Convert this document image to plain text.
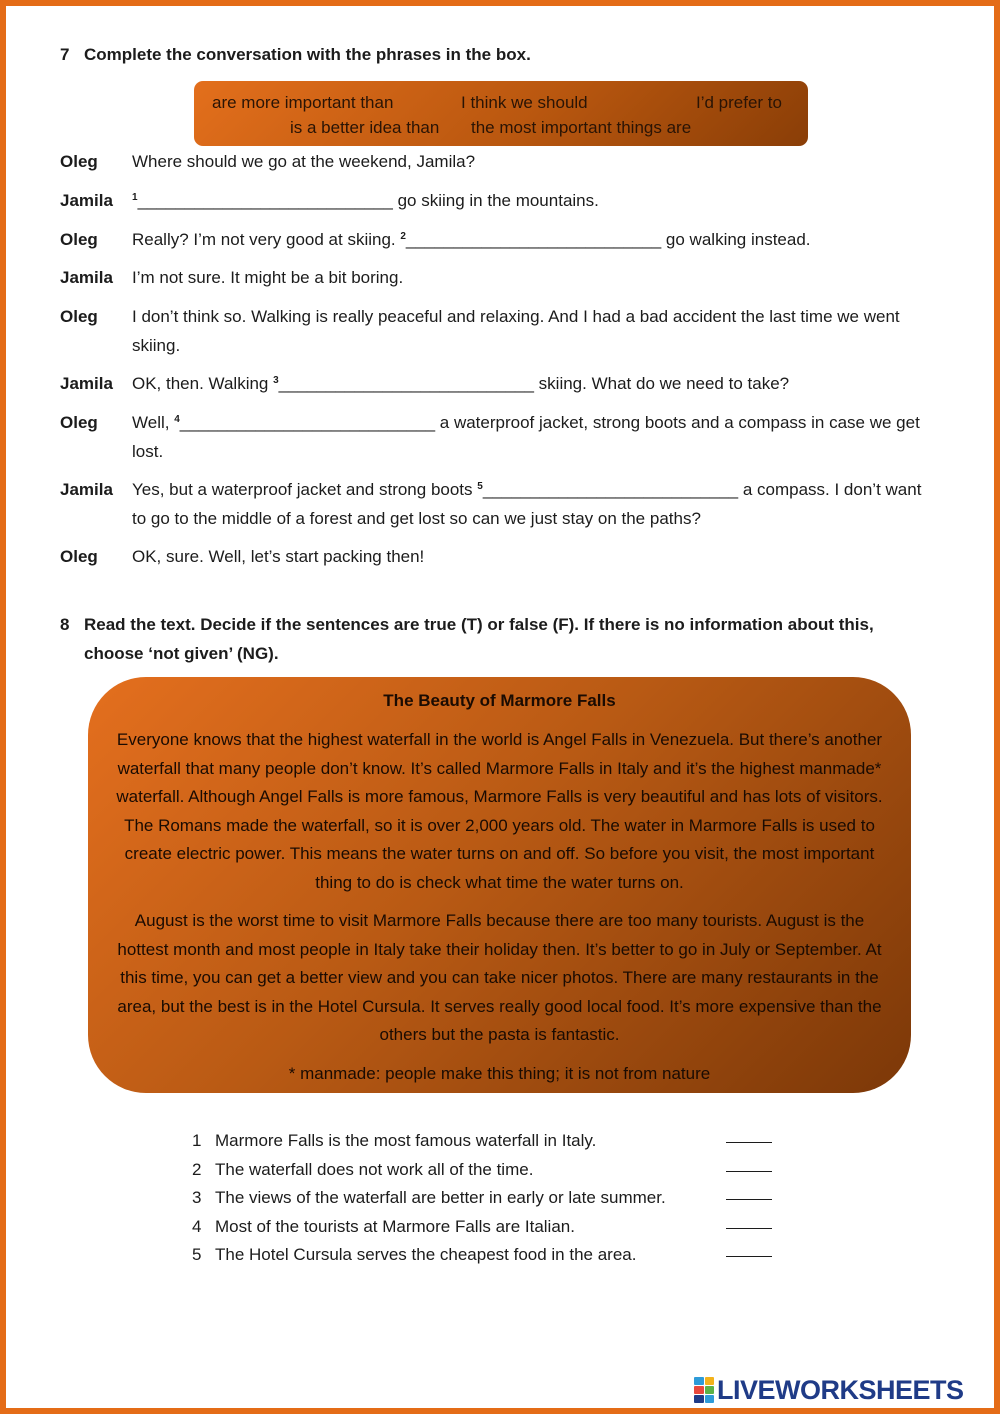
7 Complete the conversation with the phrases in the box.
are more important than	I think we should	I’d prefer to
is a better idea than the most important things are
Oleg Where should we go at the weekend, Jamila?
Jamila $^1$___________________________ go skiing in the mountains.
Oleg Really? I’m not very good at skiing. $^2$___________________________ go walking instead.
Jamila I’m not sure. It might be a bit boring.
Oleg I don’t think so. Walking is really peaceful and relaxing. And I had a bad accident the last time we went skiing.
Jamila OK, then. Walking $^3$___________________________ skiing. What do we need to take?
Oleg Well, $^4$___________________________ a waterproof jacket, strong boots and a compass in case we get lost.
Jamila Yes, but a waterproof jacket and strong boots $^5$___________________________ a compass. I don’t want to go to the middle of a forest and get lost so can we just stay on the paths?
Oleg OK, sure. Well, let’s start packing then!
8 Read the text. Decide if the sentences are true (T) or false (F). If there is no information about this, choose ‘not given’ (NG).
The Beauty of Marmore Falls

Everyone knows that the highest waterfall in the world is Angel Falls in Venezuela. But there’s another waterfall that many people don’t know. It’s called Marmore Falls in Italy and it’s the highest manmade* waterfall. Although Angel Falls is more famous, Marmore Falls is very beautiful and has lots of visitors. The Romans made the waterfall, so it is over 2,000 years old. The water in Marmore Falls is used to create electric power. This means the water turns on and off. So before you visit, the most important thing to do is check what time the water turns on.

August is the worst time to visit Marmore Falls because there are too many tourists. August is the hottest month and most people in Italy take their holiday then. It’s better to go in July or September. At this time, you can get a better view and you can take nicer photos. There are many restaurants in the area, but the best is in the Hotel Cursula. It serves really good local food. It’s more expensive than the others but the pasta is fantastic.

* manmade: people make this thing; it is not from nature
1 Marmore Falls is the most famous waterfall in Italy.
2 The waterfall does not work all of the time.
3 The views of the waterfall are better in early or late summer.
4 Most of the tourists at Marmore Falls are Italian.
5 The Hotel Cursula serves the cheapest food in the area.
LIVEWORKSHEETS
